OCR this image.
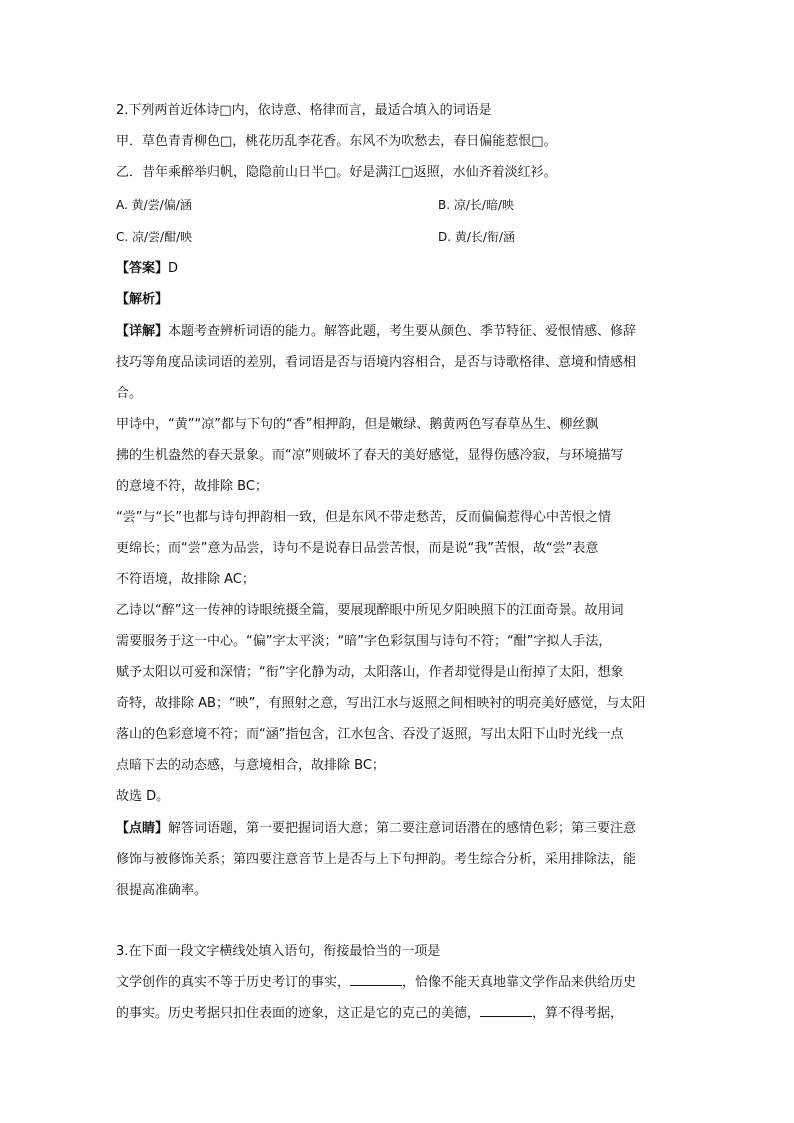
2.下列两首近体诗□内，依诗意、格律而言，最适合填入的词语是
甲．草色青青柳色□，桃花历乱李花香。东风不为吹愁去，春日偏能惹恨□。
乙．昔年乘醉举归帆，隐隐前山日半□。好是满江□返照，水仙齐着淡红衫。
A. 黄/尝/偏/涵	B. 凉/长/暗/映
C. 凉/尝/酣/映	D. 黄/长/衔/涵
【答案】D
【解析】
【详解】本题考查辨析词语的能力。解答此题，考生要从颜色、季节特征、爱恨情感、修辞
技巧等角度品读词语的差别，看词语是否与语境内容相合，是否与诗歌格律、意境和情感相
合。
甲诗中，“黄”“凉”都与下句的“香”相押韵，但是嫩绿、鹅黄两色写春草丛生、柳丝飘
拂的生机盎然的春天景象。而“凉”则破坏了春天的美好感觉，显得伤感冷寂，与环境描写
的意境不符，故排除 BC；
“尝”与“长”也都与诗句押韵相一致，但是东风不带走愁苦，反而偏偏惹得心中苦恨之情
更绵长；而“尝”意为品尝，诗句不是说春日品尝苦恨，而是说“我”苦恨，故“尝”表意
不符语境，故排除 AC；
乙诗以“醉”这一传神的诗眼统摄全篇，要展现醉眼中所见夕阳映照下的江面奇景。故用词
需要服务于这一中心。“偏”字太平淡；“暗”字色彩氛围与诗句不符；“酣”字拟人手法，
赋予太阳以可爱和深情；“衔”字化静为动，太阳落山，作者却觉得是山衔掉了太阳，想象
奇特，故排除 AB；“映”，有照射之意，写出江水与返照之间相映衬的明亮美好感觉，与太阳
落山的色彩意境不符；而“涵”指包含，江水包含、吞没了返照，写出太阳下山时光线一点
点暗下去的动态感，与意境相合，故排除 BC；
故选 D。
【点睛】解答词语题，第一要把握词语大意；第二要注意词语潜在的感情色彩；第三要注意
修饰与被修饰关系；第四要注意音节上是否与上下句押韵。考生综合分析，采用排除法，能
很提高准确率。
3.在下面一段文字横线处填入语句，衔接最恰当的一项是
文学创作的真实不等于历史考订的事实，	，恰像不能天真地靠文学作品来供给历史
的事实。历史考据只扣住表面的迹象，这正是它的克己的美德，	，算不得考据，
